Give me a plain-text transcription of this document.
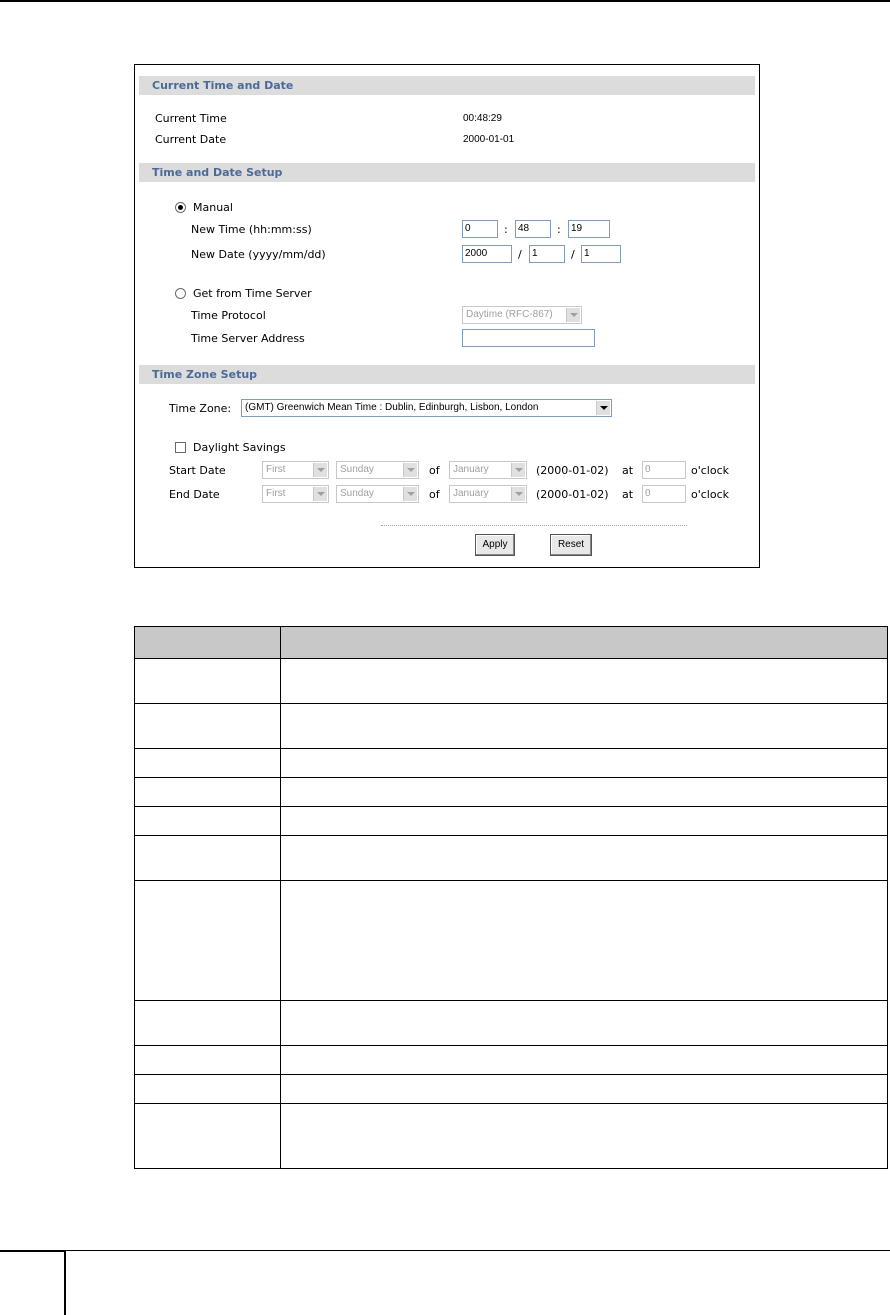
Current Time and Date
Current Time	00:48:29
Current Date	2000-01-01
Time and Date Setup
Manual
New Time (hh:mm:ss)	0	:	48	:	19
New Date (yyyy/mm/dd)	2000	/	1	/ 1
Get from Time Server
Time Protocol	Daytime (RFC-867)
Time Server Address
Time Zone Setup
Time Zone:	(GMT) Greenwich Mean Time : Dublin, Edinburgh, Lisbon, London
Daylight Savings
Start Date	First	Sunday	of	January	(2000-01-02) at	0	o'clock
End Date	First	Sunday	of	January	(2000-01-02) at	0	o'clock
Apply	Reset
